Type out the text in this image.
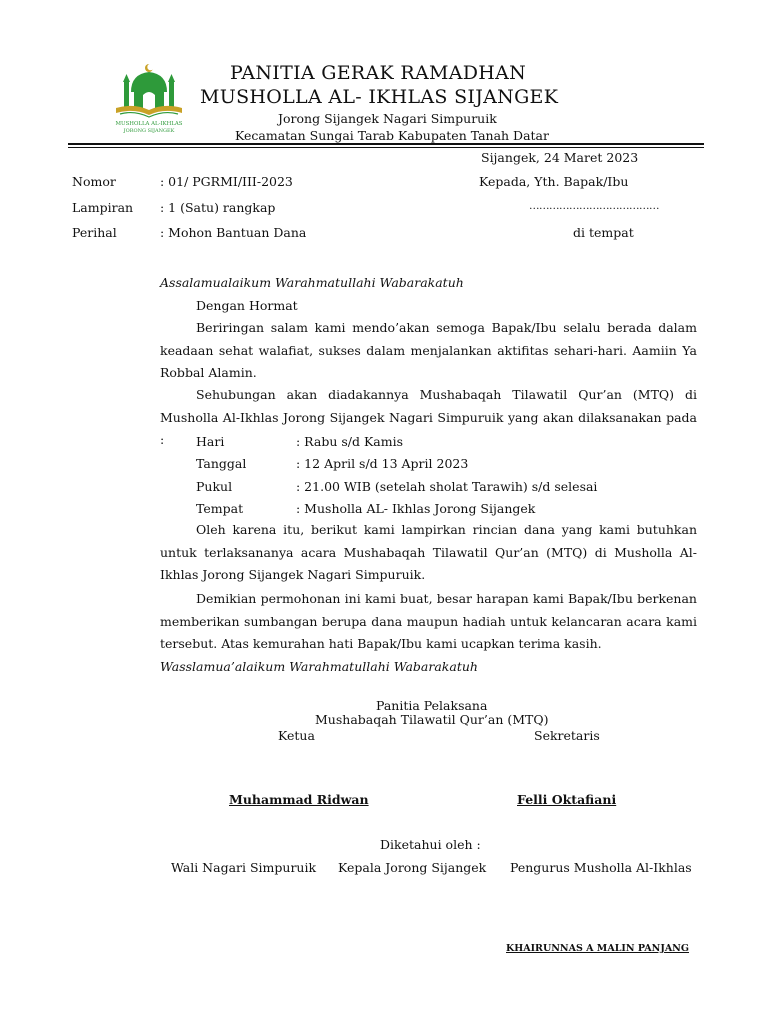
MUSHOLLA AL-IKHLAS
JORONG SIJANGEK
PANITIA GERAK RAMADHAN
MUSHOLLA AL- IKHLAS SIJANGEK
Jorong Sijangek Nagari Simpuruik
Kecamatan Sungai Tarab Kabupaten Tanah Datar
Sijangek, 24 Maret 2023
Nomor	: 01/ PGRMI/III-2023
Lampiran : 1 (Satu) rangkap
Perihal	: Mohon Bantuan Dana
Kepada, Yth. Bapak/Ibu
…………………………………
di tempat
Assalamualaikum Warahmatullahi Wabarakatuh
Dengan Hormat
Beriringan salam kami mendo’akan semoga Bapak/Ibu selalu berada dalam keadaan sehat walafiat, sukses dalam menjalankan aktifitas sehari-hari. Aamiin Ya Robbal Alamin.
Sehubungan akan diadakannya Mushabaqah Tilawatil Qur’an (MTQ) di Musholla Al-Ikhlas Jorong Sijangek Nagari Simpuruik yang akan dilaksanakan pada :	Hari	: Rabu s/d Kamis
Tanggal	: 12 April s/d 13 April 2023
Pukul	: 21.00 WIB (setelah sholat Tarawih) s/d selesai
Tempat	: Musholla AL- Ikhlas Jorong Sijangek
Oleh karena itu, berikut kami lampirkan rincian dana yang kami butuhkan untuk terlaksananya acara Mushabaqah Tilawatil Qur’an (MTQ) di Musholla Al-Ikhlas Jorong Sijangek Nagari Simpuruik.
Demikian permohonan ini kami buat, besar harapan kami Bapak/Ibu berkenan memberikan sumbangan berupa dana maupun hadiah untuk kelancaran acara kami tersebut. Atas kemurahan hati Bapak/Ibu kami ucapkan terima kasih.
Wasslamua’alaikum Warahmatullahi Wabarakatuh
Panitia Pelaksana
Mushabaqah Tilawatil Qur’an (MTQ)
Ketua	Sekretaris
Muhammad Ridwan	Felli Oktafiani
Diketahui oleh :
Wali Nagari Simpuruik Kepala Jorong Sijangek Pengurus Musholla Al-Ikhlas
KHAIRUNNAS A MALIN PANJANG
